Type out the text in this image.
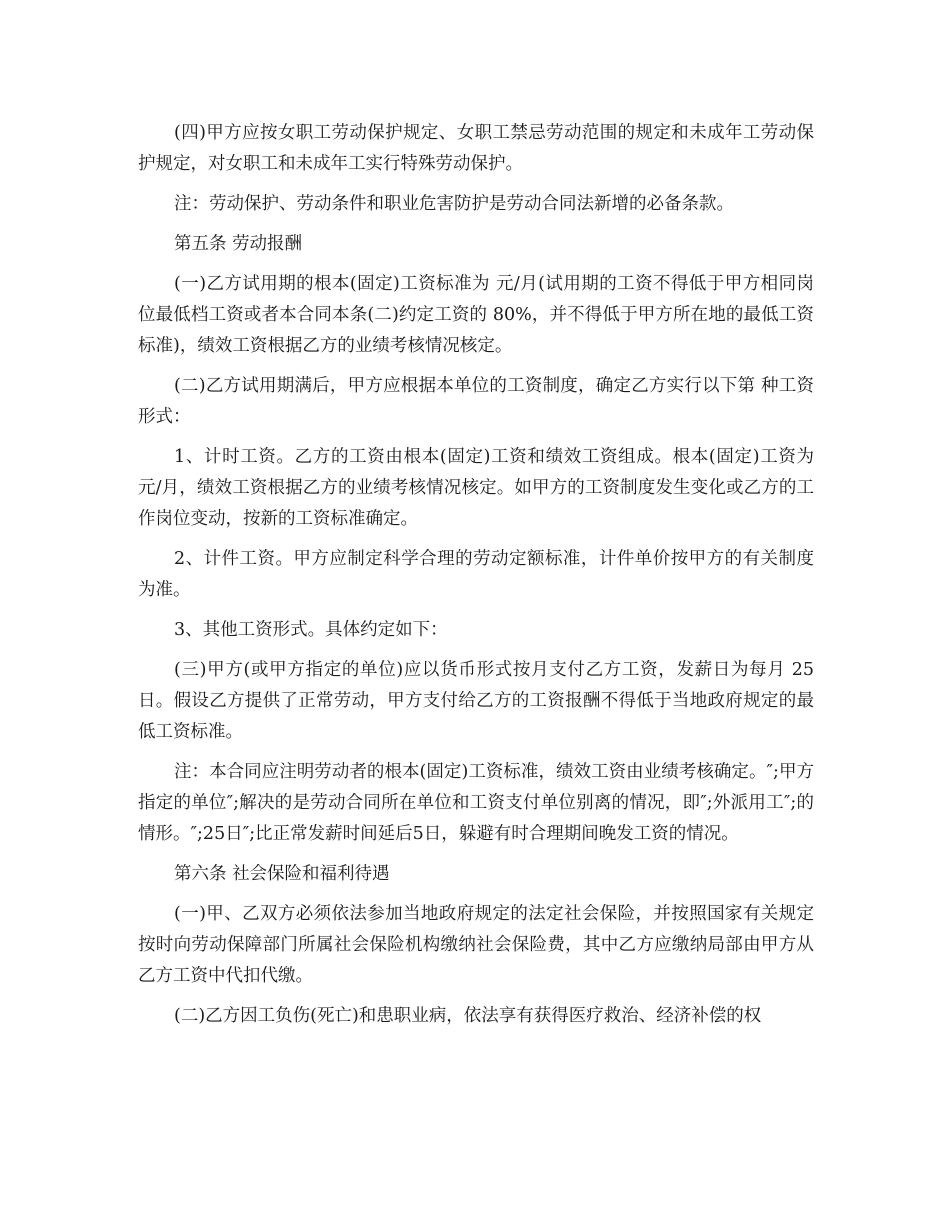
(四)甲方应按女职工劳动保护规定、女职工禁忌劳动范围的规定和未成年工劳动保护规定，对女职工和未成年工实行特殊劳动保护。

注：劳动保护、劳动条件和职业危害防护是劳动合同法新增的必备条款。

第五条 劳动报酬

(一)乙方试用期的根本(固定)工资标准为 元/月(试用期的工资不得低于甲方相同岗位最低档工资或者本合同本条(二)约定工资的 80%，并不得低于甲方所在地的最低工资标准)，绩效工资根据乙方的业绩考核情况核定。

(二)乙方试用期满后，甲方应根据本单位的工资制度，确定乙方实行以下第 种工资形式：

1、计时工资。乙方的工资由根本(固定)工资和绩效工资组成。根本(固定)工资为 元/月，绩效工资根据乙方的业绩考核情况核定。如甲方的工资制度发生变化或乙方的工作岗位变动，按新的工资标准确定。

2、计件工资。甲方应制定科学合理的劳动定额标准，计件单价按甲方的有关制度为准。

3、其他工资形式。具体约定如下：

(三)甲方(或甲方指定的单位)应以货币形式按月支付乙方工资，发薪日为每月 25 日。假设乙方提供了正常劳动，甲方支付给乙方的工资报酬不得低于当地政府规定的最低工资标准。

注：本合同应注明劳动者的根本(固定)工资标准，绩效工资由业绩考核确定。″;甲方指定的单位″;解决的是劳动合同所在单位和工资支付单位别离的情况，即″;外派用工″;的情形。″;25日″;比正常发薪时间延后5日，躲避有时合理期间晚发工资的情况。

第六条 社会保险和福利待遇

(一)甲、乙双方必须依法参加当地政府规定的法定社会保险，并按照国家有关规定按时向劳动保障部门所属社会保险机构缴纳社会保险费，其中乙方应缴纳局部由甲方从乙方工资中代扣代缴。

(二)乙方因工负伤(死亡)和患职业病，依法享有获得医疗救治、经济补偿的权
